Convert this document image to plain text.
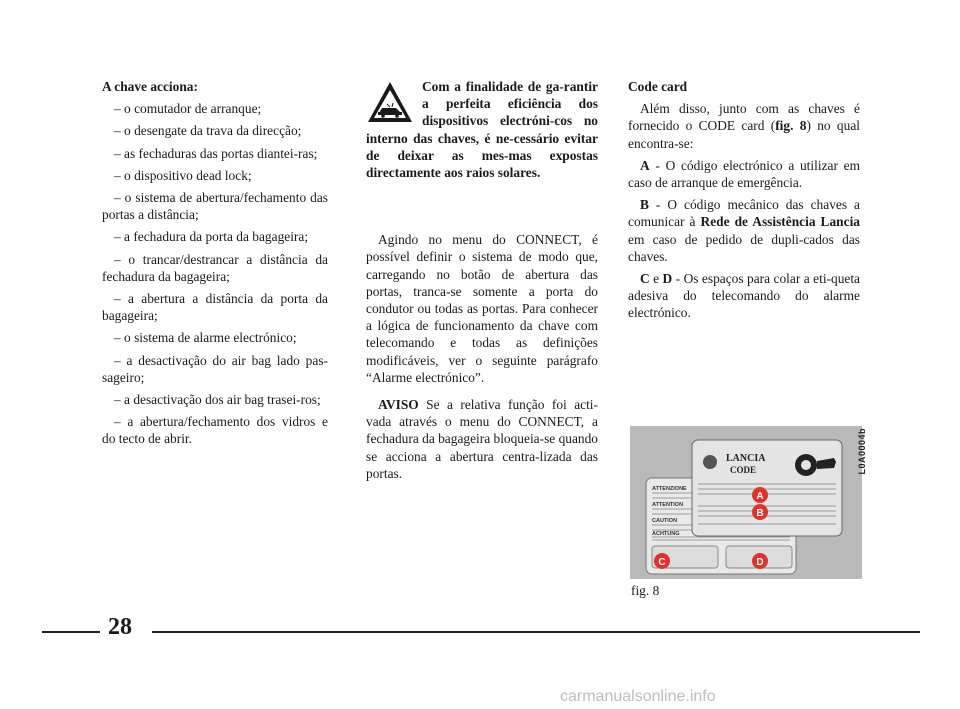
A chave acciona:

– o comutador de arranque;

– o desengate da trava da direcção;

– as fechaduras das portas diantei-ras;

– o dispositivo dead lock;

– o sistema de abertura/fechamento das portas a distância;

– a fechadura da porta da bagageira;

– o trancar/destrancar a distância da fechadura da bagageira;

– a abertura a distância da porta da bagageira;

– o sistema de alarme electrónico;

– a desactivação do air bag lado pas-sageiro;

– a desactivação dos air bag trasei-ros;

– a abertura/fechamento dos vidros e do tecto de abrir.

Com a finalidade de ga-rantir a perfeita eficiência dos dispositivos electróni-cos no interno das chaves, é ne-cessário evitar de deixar as mes-mas expostas directamente aos raios solares.

Agindo no menu do CONNECT, é possível definir o sistema de modo que, carregando no botão de abertura das portas, tranca-se somente a porta do condutor ou todas as portas. Para conhecer a lógica de funcionamento da chave com telecomando e todas as definições modificáveis, ver o seguinte parágrafo “Alarme electrónico”.

AVISO Se a relativa função foi acti-vada através o menu do CONNECT, a fechadura da bagageira bloqueia-se quando se acciona a abertura centra-lizada das portas.

Code card

Além disso, junto com as chaves é fornecido o CODE card (fig. 8) no qual encontra-se:

A - O código electrónico a utilizar em caso de arranque de emergência.

B - O código mecânico das chaves a comunicar à Rede de Assistência Lancia em caso de pedido de dupli-cados das chaves.

C e D - Os espaços para colar a eti-queta adesiva do telecomando do alarme electrónico.

ATTENZIONE
ATTENTION
CAUTION
ACHTUNG
LANCIA
CODE
A
B
C	D
L0A0004b
fig. 8
28
carmanualsonline.info
